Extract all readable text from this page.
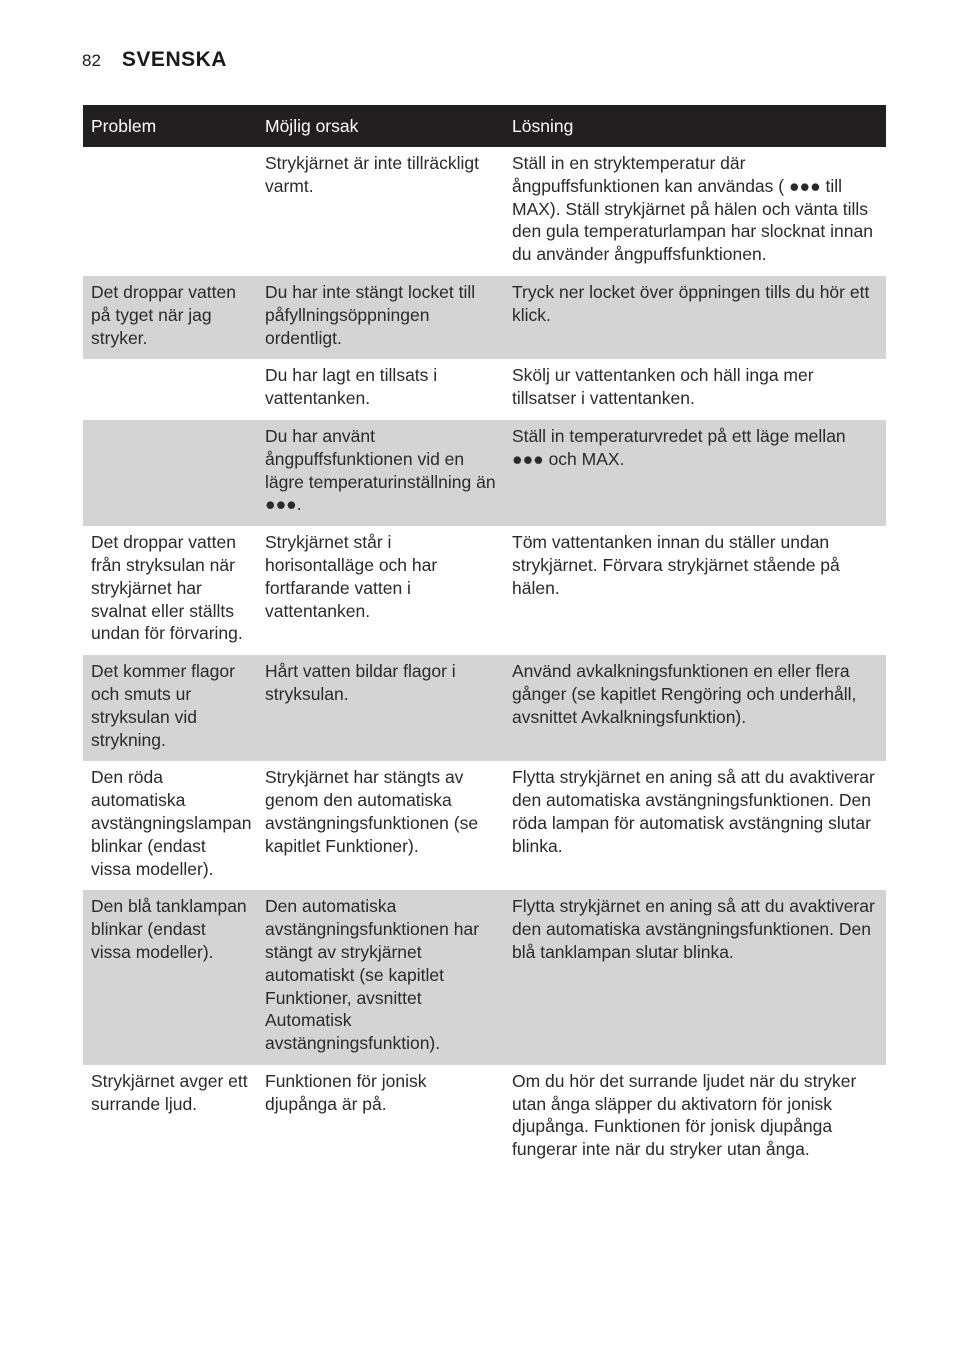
82 SVENSKA
Problem	Möjlig orsak	Lösning
	Strykjärnet är inte tillräckligt varmt.	Ställ in en stryktemperatur där ångpuffsfunktionen kan användas ( ●●● till MAX). Ställ strykjärnet på hälen och vänta tills den gula temperaturlampan har slocknat innan du använder ångpuffsfunktionen.
Det droppar vatten på tyget när jag stryker.	Du har inte stängt locket till påfyllningsöppningen ordentligt.	Tryck ner locket över öppningen tills du hör ett klick.
	Du har lagt en tillsats i vattentanken.	Skölj ur vattentanken och häll inga mer tillsatser i vattentanken.
	Du har använt ångpuffsfunktionen vid en lägre temperaturinställning än ●●●.	Ställ in temperaturvredet på ett läge mellan ●●● och MAX.
Det droppar vatten från stryksulan när strykjärnet har svalnat eller ställts undan för förvaring.	Strykjärnet står i horisontalläge och har fortfarande vatten i vattentanken.	Töm vattentanken innan du ställer undan strykjärnet. Förvara strykjärnet stående på hälen.
Det kommer flagor och smuts ur stryksulan vid strykning.	Hårt vatten bildar flagor i stryksulan.	Använd avkalkningsfunktionen en eller flera gånger (se kapitlet Rengöring och underhåll, avsnittet Avkalkningsfunktion).
Den röda automatiska avstängningslampan blinkar (endast vissa modeller).	Strykjärnet har stängts av genom den automatiska avstängningsfunktionen (se kapitlet Funktioner).	Flytta strykjärnet en aning så att du avaktiverar den automatiska avstängningsfunktionen. Den röda lampan för automatisk avstängning slutar blinka.
Den blå tanklampan blinkar (endast vissa modeller).	Den automatiska avstängningsfunktionen har stängt av strykjärnet automatiskt (se kapitlet Funktioner, avsnittet Automatisk avstängningsfunktion).	Flytta strykjärnet en aning så att du avaktiverar den automatiska avstängningsfunktionen. Den blå tanklampan slutar blinka.
Strykjärnet avger ett surrande ljud.	Funktionen för jonisk djupånga är på.	Om du hör det surrande ljudet när du stryker utan ånga släpper du aktivatorn för jonisk djupånga. Funktionen för jonisk djupånga fungerar inte när du stryker utan ånga.
